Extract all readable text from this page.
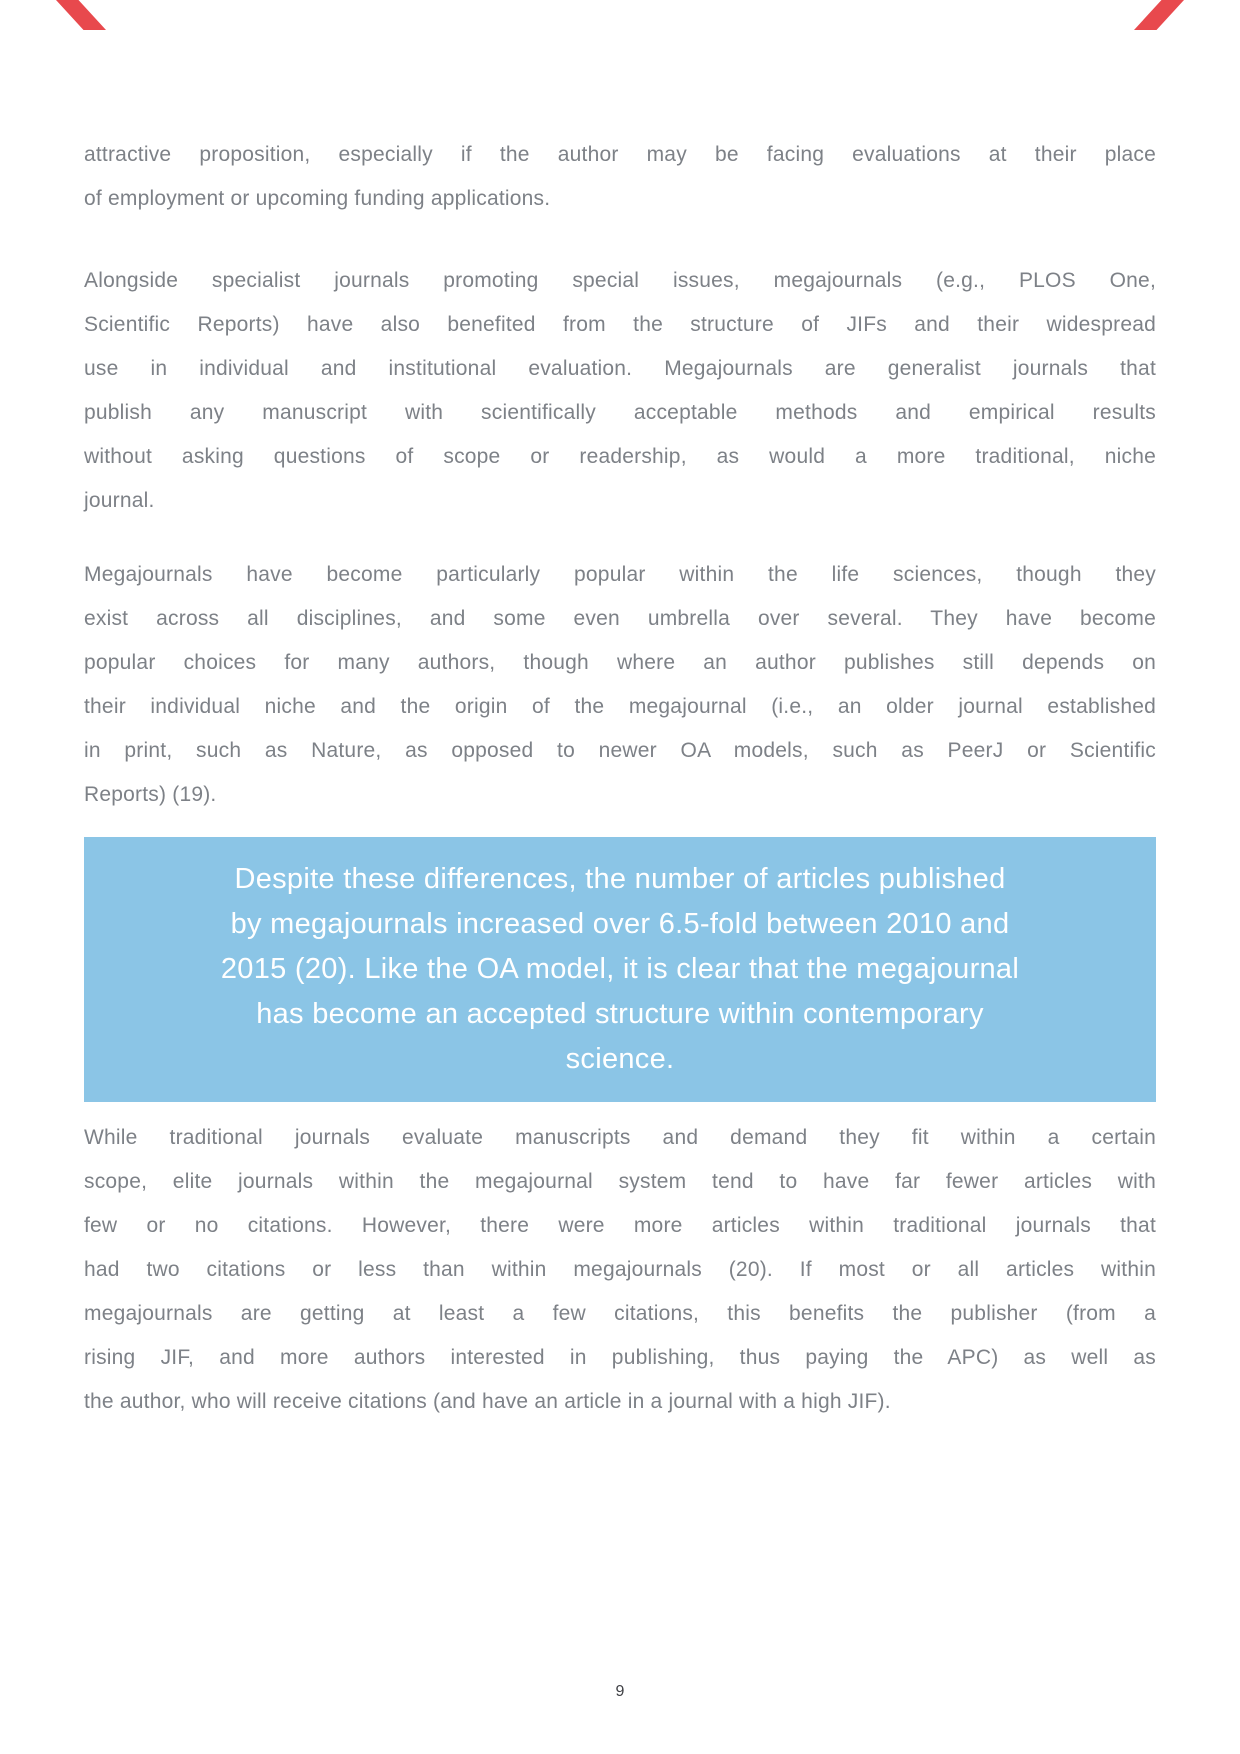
attractive proposition, especially if the author may be facing evaluations at their place
of employment or upcoming funding applications.
Alongside specialist journals promoting special issues, megajournals (e.g., PLOS One,
Scientific Reports) have also benefited from the structure of JIFs and their widespread
use in individual and institutional evaluation. Megajournals are generalist journals that
publish any manuscript with scientifically acceptable methods and empirical results
without asking questions of scope or readership, as would a more traditional, niche
journal.
Megajournals have become particularly popular within the life sciences, though they
exist across all disciplines, and some even umbrella over several. They have become
popular choices for many authors, though where an author publishes still depends on
their individual niche and the origin of the megajournal (i.e., an older journal established
in print, such as Nature, as opposed to newer OA models, such as PeerJ or Scientific
Reports) (19).
Despite these differences, the number of articles published
by megajournals increased over 6.5-fold between 2010 and
2015 (20). Like the OA model, it is clear that the megajournal
has become an accepted structure within contemporary
science.
While traditional journals evaluate manuscripts and demand they fit within a certain
scope, elite journals within the megajournal system tend to have far fewer articles with
few or no citations. However, there were more articles within traditional journals that
had two citations or less than within megajournals (20). If most or all articles within
megajournals are getting at least a few citations, this benefits the publisher (from a
rising JIF, and more authors interested in publishing, thus paying the APC) as well as
the author, who will receive citations (and have an article in a journal with a high JIF).
9
